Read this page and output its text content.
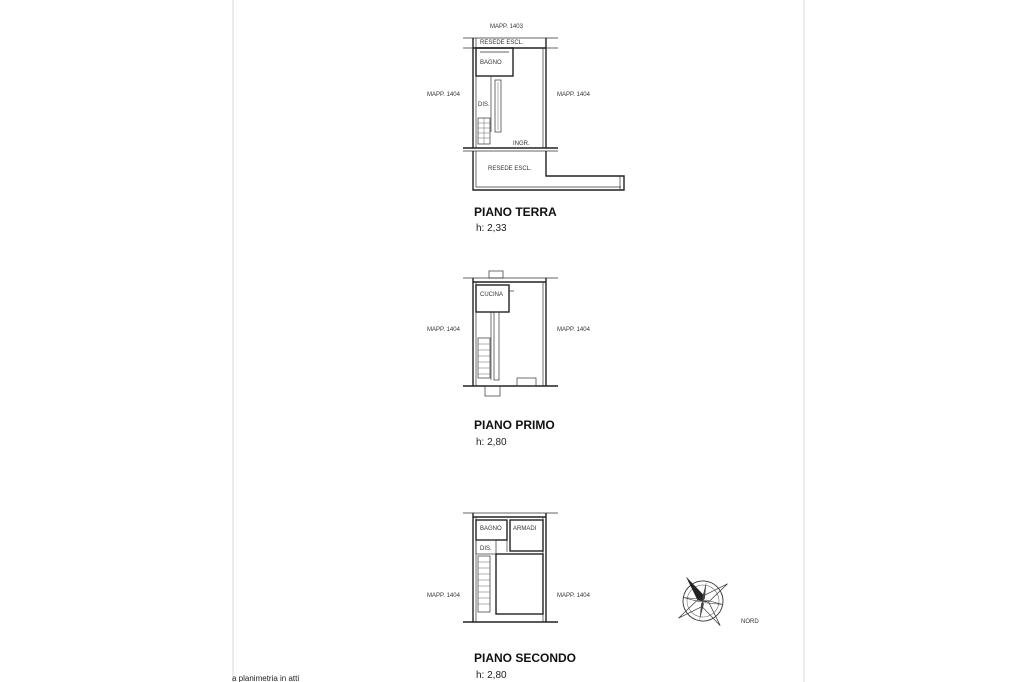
MAPP. 1403
MAPP. 1404	MAPP. 1404
RESEDE ESCL.
BAGNO
DIS.
INGR.
RESEDE ESCL.
PIANO TERRA
h: 2,33
CUCINA
MAPP. 1404	MAPP. 1404
PIANO PRIMO
h: 2,80
BAGNO ARMADI
DIS.
MAPP. 1404	MAPP. 1404
PIANO SECONDO
h: 2,80
NORD
a planimetria in atti
